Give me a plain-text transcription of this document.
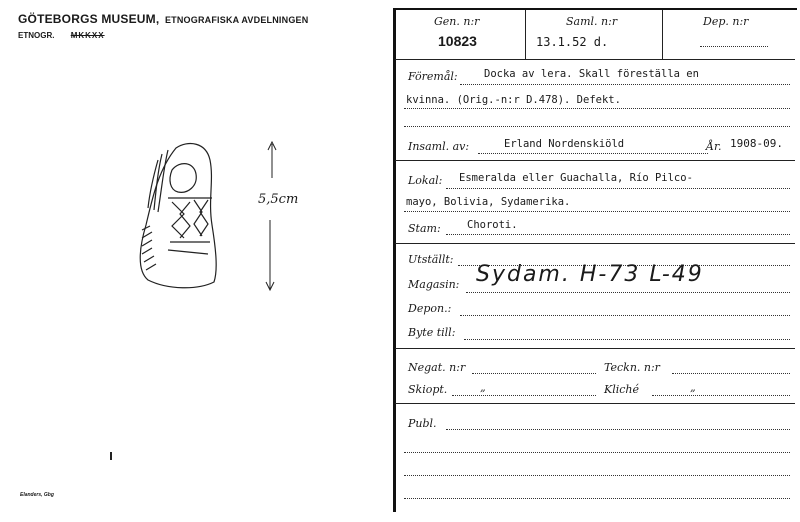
GÖTEBORGS MUSEUM, ETNOGRAFISKA AVDELNINGEN
ETNOGR. MKKXX
5,5cm
Elanders, Gbg
Gen. n:r
10823
Saml. n:r
13.1.52 d.
Dep. n:r
Föremål:	Docka av lera. Skall föreställa en
kvinna. (Orig.-n:r D.478). Defekt.
Insaml. av:	Erland Nordenskiöld	År. 1908-09.
Lokal: Esmeralda eller Guachalla, Río Pilco-
mayo, Bolivia, Sydamerika.
Stam:	Choroti.
Utställt:
Magasin: Sydam. H-73 L-49
Depon.:
Byte till:
Negat. n:r	Teckn. n:r
Skiopt.	„	Kliché	„
Publ.
